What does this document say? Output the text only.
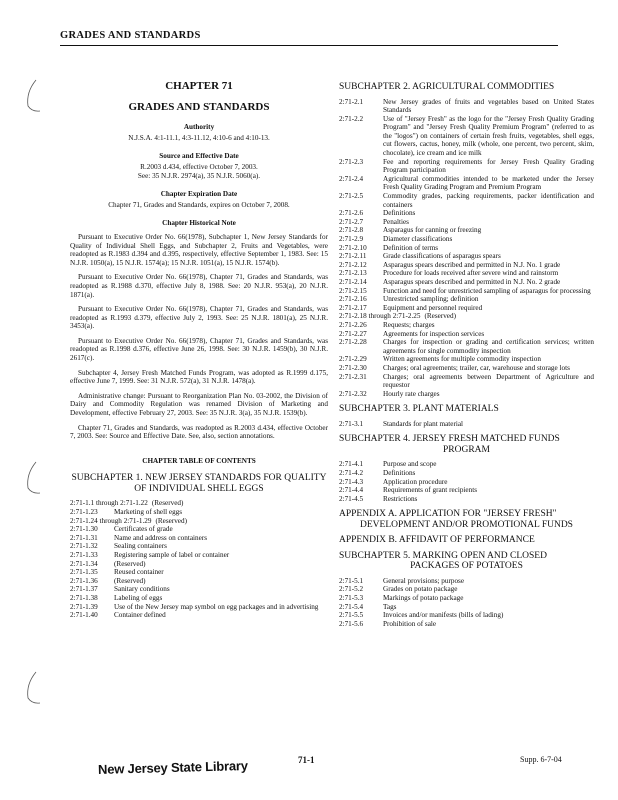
GRADES AND STANDARDS
CHAPTER 71
GRADES AND STANDARDS
Authority
N.J.S.A. 4:1-11.1, 4:3-11.12, 4:10-6 and 4:10-13.
Source and Effective Date
R.2003 d.434, effective October 7, 2003.
See: 35 N.J.R. 2974(a), 35 N.J.R. 5060(a).
Chapter Expiration Date
Chapter 71, Grades and Standards, expires on October 7, 2008.
Chapter Historical Note

Pursuant to Executive Order No. 66(1978), Subchapter 1, New Jersey Standards for Quality of Individual Shell Eggs, and Subchapter 2, Fruits and Vegetables, were readopted as R.1983 d.394 and d.395, respectively, effective September 1, 1983. See: 15 N.J.R. 1050(a), 15 N.J.R. 1574(a); 15 N.J.R. 1051(a), 15 N.J.R. 1574(b).

Pursuant to Executive Order No. 66(1978), Chapter 71, Grades and Standards, was readopted as R.1988 d.370, effective July 8, 1988. See: 20 N.J.R. 953(a), 20 N.J.R. 1871(a).

Pursuant to Executive Order No. 66(1978), Chapter 71, Grades and Standards, was readopted as R.1993 d.379, effective July 2, 1993. See: 25 N.J.R. 1801(a), 25 N.J.R. 3453(a).

Pursuant to Executive Order No. 66(1978), Chapter 71, Grades and Standards, was readopted as R.1998 d.376, effective June 26, 1998. See: 30 N.J.R. 1459(b), 30 N.J.R. 2617(c).

Subchapter 4, Jersey Fresh Matched Funds Program, was adopted as R.1999 d.175, effective June 7, 1999. See: 31 N.J.R. 572(a), 31 N.J.R. 1478(a).

Administrative change: Pursuant to Reorganization Plan No. 03-2002, the Division of Dairy and Commodity Regulation was renamed Division of Marketing and Development, effective February 27, 2003. See: 35 N.J.R. 3(a), 35 N.J.R. 1539(b).

Chapter 71, Grades and Standards, was readopted as R.2003 d.434, effective October 7, 2003. See: Source and Effective Date. See, also, section annotations.

CHAPTER TABLE OF CONTENTS
SUBCHAPTER 1. NEW JERSEY STANDARDS FOR QUALITY OF INDIVIDUAL SHELL EGGS
2:71-1.1 through 2:71-1.22 (Reserved)
2:71-1.23	Marketing of shell eggs
2:71-1.24 through 2:71-1.29 (Reserved)
2:71-1.30	Certificates of grade
2:71-1.31	Name and address on containers
2:71-1.32	Sealing containers
2:71-1.33	Registering sample of label or container
2:71-1.34	(Reserved)
2:71-1.35	Reused container
2:71-1.36	(Reserved)
2:71-1.37	Sanitary conditions
2:71-1.38	Labeling of eggs
2:71-1.39	Use of the New Jersey map symbol on egg packages and in advertising
2:71-1.40	Container defined
SUBCHAPTER 2. AGRICULTURAL COMMODITIES
2:71-2.1	New Jersey grades of fruits and vegetables based on United States Standards
2:71-2.2	Use of "Jersey Fresh" as the logo for the "Jersey Fresh Quality Grading Program" and "Jersey Fresh Quality Premium Program" (referred to as the "logos") on containers of certain fresh fruits, vegetables, shell eggs, cut flowers, cactus, honey, milk (whole, one percent, two percent, skim, chocolate), ice cream and ice milk
2:71-2.3	Fee and reporting requirements for Jersey Fresh Quality Grading Program participation
2:71-2.4	Agricultural commodities intended to be marketed under the Jersey Fresh Quality Grading Program and Premium Program
2:71-2.5	Commodity grades, packing requirements, packer identification and containers
2:71-2.6	Definitions
2:71-2.7	Penalties
2:71-2.8	Asparagus for canning or freezing
2:71-2.9	Diameter classifications
2:71-2.10	Definition of terms
2:71-2.11	Grade classifications of asparagus spears
2:71-2.12	Asparagus spears described and permitted in N.J. No. 1 grade
2:71-2.13	Procedure for loads received after severe wind and rainstorm
2:71-2.14	Asparagus spears described and permitted in N.J. No. 2 grade
2:71-2.15	Function and need for unrestricted sampling of asparagus for processing
2:71-2.16	Unrestricted sampling; definition
2:71-2.17	Equipment and personnel required
2:71-2.18 through 2:71-2.25 (Reserved)
2:71-2.26	Requests; charges
2:71-2.27	Agreements for inspection services
2:71-2.28	Charges for inspection or grading and certification services; written agreements for single commodity inspection
2:71-2.29	Written agreements for multiple commodity inspection
2:71-2.30	Charges; oral agreements; trailer, car, warehouse and storage lots
2:71-2.31	Charges; oral agreements between Department of Agriculture and requestor
2:71-2.32	Hourly rate charges
SUBCHAPTER 3. PLANT MATERIALS
2:71-3.1	Standards for plant material
SUBCHAPTER 4. JERSEY FRESH MATCHED FUNDS
PROGRAM
2:71-4.1	Purpose and scope
2:71-4.2	Definitions
2:71-4.3	Application procedure
2:71-4.4	Requirements of grant recipients
2:71-4.5	Restrictions
APPENDIX A. APPLICATION FOR "JERSEY FRESH"
DEVELOPMENT AND/OR PROMOTIONAL FUNDS
APPENDIX B. AFFIDAVIT OF PERFORMANCE
SUBCHAPTER 5. MARKING OPEN AND CLOSED
PACKAGES OF POTATOES
2:71-5.1	General provisions; purpose
2:71-5.2	Grades on potato package
2:71-5.3	Markings of potato package
2:71-5.4	Tags
2:71-5.5	Invoices and/or manifests (bills of lading)
2:71-5.6	Prohibition of sale
71-1	Supp. 6-7-04
New Jersey State Library
